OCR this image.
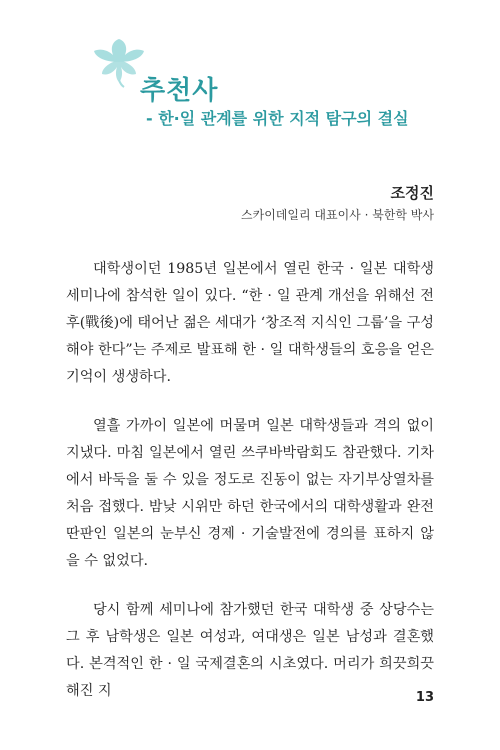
추천사
- 한·일 관계를 위한 지적 탐구의 결실

조정진

스카이데일리 대표이사 · 북한학 박사

대학생이던 1985년 일본에서 열린 한국 · 일본 대학생 세미나에 참석한 일이 있다. “한 · 일 관계 개선을 위해선 전후(戰後)에 태어난 젊은 세대가 ‘창조적 지식인 그룹’을 구성해야 한다”는 주제로 발표해 한 · 일 대학생들의 호응을 얻은 기억이 생생하다.

열흘 가까이 일본에 머물며 일본 대학생들과 격의 없이 지냈다. 마침 일본에서 열린 쓰쿠바박람회도 참관했다. 기차에서 바둑을 둘 수 있을 정도로 진동이 없는 자기부상열차를 처음 접했다. 밤낮 시위만 하던 한국에서의 대학생활과 완전 딴판인 일본의 눈부신 경제 · 기술발전에 경의를 표하지 않을 수 없었다.

당시 함께 세미나에 참가했던 한국 대학생 중 상당수는 그 후 남학생은 일본 여성과, 여대생은 일본 남성과 결혼했다. 본격적인 한 · 일 국제결혼의 시초였다. 머리가 희끗희끗해진 지	13
